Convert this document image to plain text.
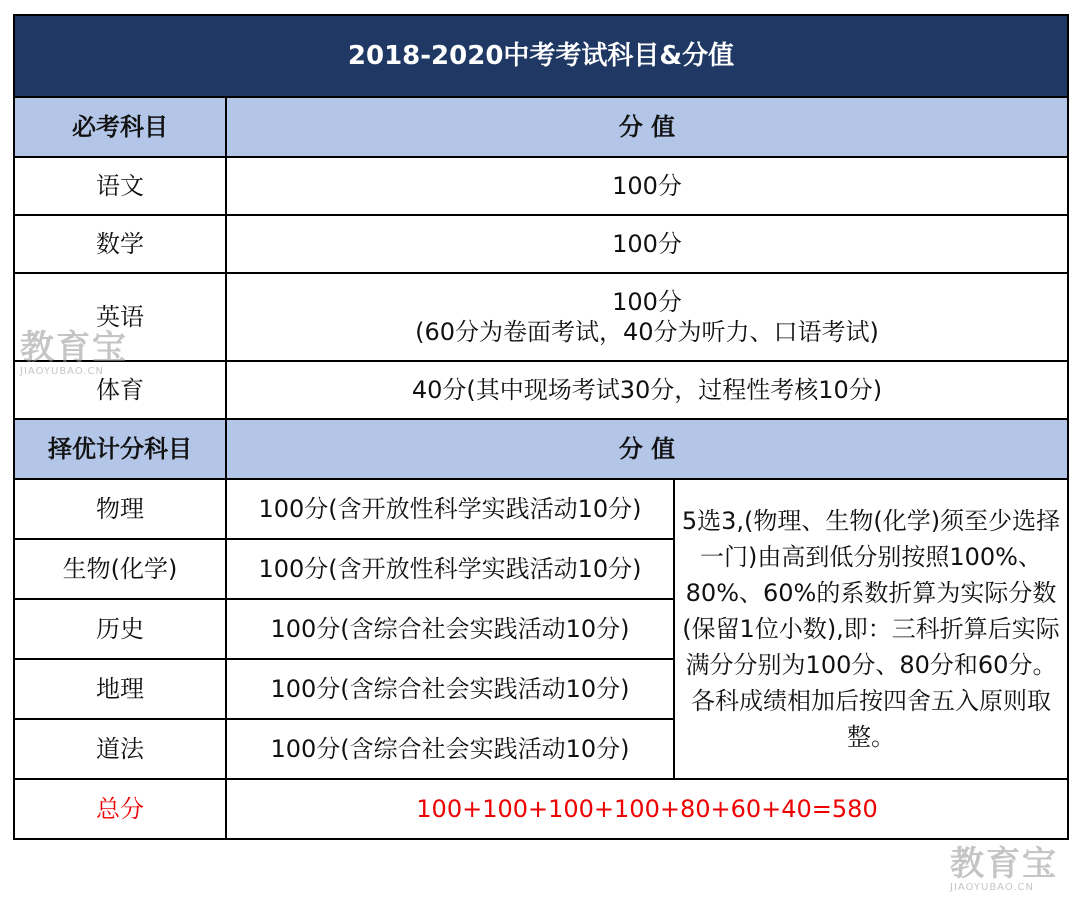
2018-2020中考考试科目&分值		
必考科目	分 值	
语文	100分	
数学	100分	
英语	100分
(60分为卷面考试，40分为听力、口语考试)	

体育	40分(其中现场考试30分，过程性考核10分)	
择优计分科目	分 值	
物理	100分(含开放性科学实践活动10分)	5选3,(物理、生物(化学)须至少选择一门)由高到低分别按照100%、80%、60%的系数折算为实际分数(保留1位小数),即：三科折算后实际满分分别为100分、80分和60分。各科成绩相加后按四舍五入原则取整。
生物(化学)	100分(含开放性科学实践活动10分)	
历史	100分(含综合社会实践活动10分)	
地理	100分(含综合社会实践活动10分)	
道法	100分(含综合社会实践活动10分)	
总分	100+100+100+100+80+60+40=580	
教育宝
JIAOYUBAO.CN
教育宝
JIAOYUBAO.CN
